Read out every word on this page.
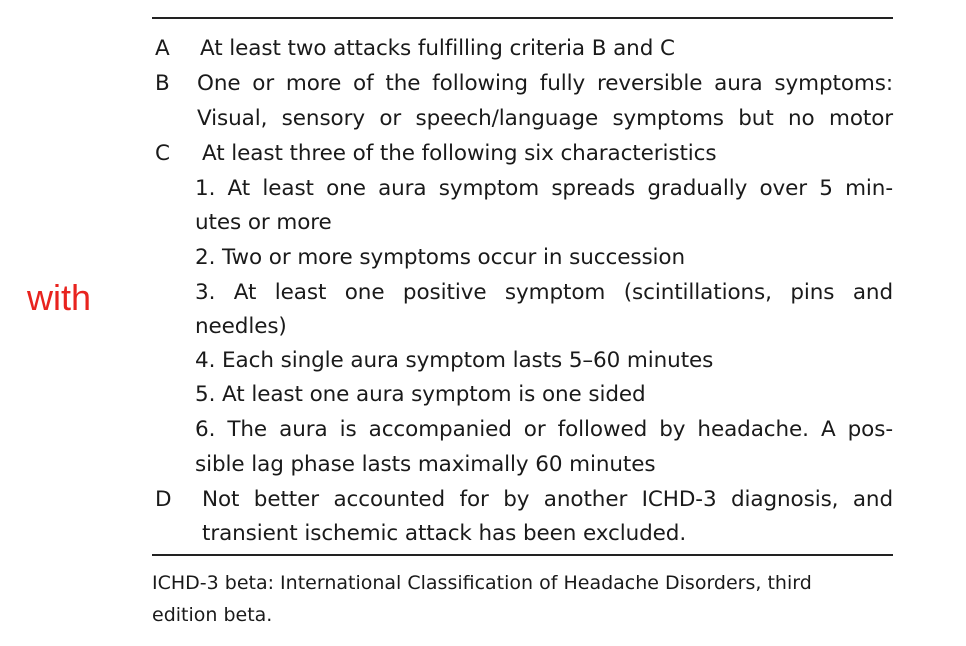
with
A At least two attacks fulfilling criteria B and C
B One or more of the following fully reversible aura symptoms:
Visual, sensory or speech/language symptoms but no motor
C At least three of the following six characteristics
1. At least one aura symptom spreads gradually over 5 min-
utes or more
2. Two or more symptoms occur in succession
3. At least one positive symptom (scintillations, pins and
needles)
4. Each single aura symptom lasts 5–60 minutes
5. At least one aura symptom is one sided
6. The aura is accompanied or followed by headache. A pos-
sible lag phase lasts maximally 60 minutes
D Not better accounted for by another ICHD-3 diagnosis, and
transient ischemic attack has been excluded.
ICHD-3 beta: International Classification of Headache Disorders, third
edition beta.
